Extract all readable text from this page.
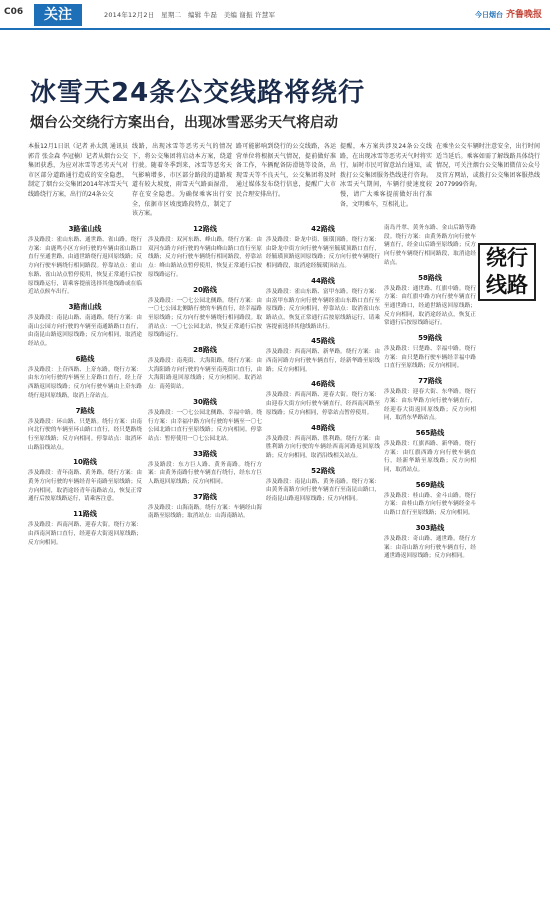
C06	关注	2014年12月2日　星期二　编辑 牛磊　美编 谢振 许慧军	今日烟台 齐鲁晚报
冰雪天24条公交线路将绕行
烟台公交绕行方案出台，出现冰雪恶劣天气将启动
本报12月1日讯（记者 孙太凯 通讯员 郭青 张金森 李冠楠）记者从烟台公交集团获悉，为应对冰雪等恶劣天气对市区部分道路通行造成的安全隐患，制定了烟台公交集团2014年冰雪天气线路绕行方案，出行的24条公交
线路，出现冰雪等恶劣天气的情况下，将公交集团将启动本方案，绕道行驶。随着冬季到来，冰雪等恶劣天气影响增多，市区部分路段的道路坡道有较大坡度，雨雪天气路面湿滑，存在安全隐患。为确保乘客出行安全，依据市区坡度路段特点，制定了该方案。
路可能影响到绕行的公交线路，各运营单位将根据天气情况，提前做好准备工作，车辆配备防滑链等设备，出现雪天等不良天气，公交集团将及时通过媒体发布绕行信息，提醒广大市民合理安排出行。
提醒，本方案共涉及24条公交线路，在出现冰雪等恶劣天气时将实行，届时市民可留意站台通知，或拨打公交集团服务热线进行咨询。冰雪天气期间，车辆行驶速度较慢，请广大乘客提前做好出行准备，文明乘车，互相礼让。
在乘坐公交车辆时注意安全，出行时间适当延后。乘客如需了解线路具体绕行情况，可关注烟台公交集团微信公众号及官方网站，或拨打公交集团客服热线2077999咨询。
绕行
线路
3路雀山线
涉及路段：雀山东路、通世路、雀山路。绕行方案：由鹿鸣小区方向行驶的车辆由雀山路口直行至通世路，由通世路绕行返回原线路；反方向行驶车辆绕行相同路段。停靠站点：雀山东路、雀山站点暂停使用，恢复正常通行后按原线路运行，请乘客提前选择其他线路或在临近站点候车出行。
3路南山线
涉及路段：南昆山路、南通路。绕行方案：由南山公园方向行驶的车辆至南通路路口直行，由南昆山路返回原线路；反方向相同，取消途经站点。
6路线
涉及路段：上夼西路、上夼东路。绕行方案：由东方向行驶的车辆至上夼路口直行，经上夼西路返回原线路；反方向行驶车辆由上夼东路绕行返回原线路，取消上夼站点。
7路线
涉及路段：环山路、只楚路。绕行方案：由南向北行驶的车辆至环山路口直行，经只楚路绕行至原线路；反方向相同。停靠站点：取消环山路沿线站点。
10路线
涉及路段：青年南路、黄务路。绕行方案：由黄务方向行驶的车辆经青年南路至原线路；反方向相同，取消途经青年南路站点，恢复正常通行后按原线路运行，请乘客注意。
11路线
涉及路段：西南河路、迎春大街。绕行方案：由西南河路口直行，经迎春大街返回原线路；反方向相同。
12路线
涉及路段：双河东路、峰山路。绕行方案：由双河东路方向行驶的车辆由峰山路口直行至原线路；反方向行驶车辆绕行相同路段，停靠站点：峰山路站点暂停使用，恢复正常通行后按原线路运行。
20路线
涉及路段：一〇七公园北侧路。绕行方案：由一〇七公园北侧路行驶的车辆直行，经幸福路至原线路；反方向行驶车辆绕行相同路段。取消站点：一〇七公园北站，恢复正常通行后按原线路运行。
28路线
涉及路段：南苑街、大海阳路。绕行方案：由大海阳路方向行驶的车辆至南苑街口直行，由大海阳路返回原线路；反方向相同。取消站点：南苑街站。
30路线
涉及路段：一〇七公园北侧路、幸福中路。绕行方案：由幸福中路方向行驶的车辆至一〇七公园北路口直行至原线路；反方向相同。停靠站点：暂停使用一〇七公园北站。
33路线
涉及路段：东方巨人路、黄务南路。绕行方案：由黄务南路行驶车辆直行绕行，经东方巨人路返回原线路；反方向相同。
37路线
涉及路段：山海南路。绕行方案：车辆经山海南路至原线路；取消站点：山海南路站。
42路线
涉及路段：卧龙中街、毓璜顶路。绕行方案：由卧龙中街方向行驶车辆至毓璜顶路口直行，经毓璜顶路返回原线路；反方向行驶车辆绕行相同路段，取消途经毓璜顶站点。
44路线
涉及路段：雀山东路、富甲东路。绕行方案：由富甲东路方向行驶车辆经雀山东路口直行至原线路；反方向相同，停靠站点：取消雀山东路站点，恢复正常通行后按原线路运行，请乘客提前选择其他线路出行。
45路线
涉及路段：西南河路、新华路。绕行方案：由西南河路方向行驶车辆直行，经新华路至原线路；反方向相同。
46路线
涉及路段：西南河路、迎春大街。绕行方案：由迎春大街方向行驶车辆直行，经西南河路至原线路；反方向相同，停靠站点暂停使用。
48路线
涉及路段：西南河路、胜利路。绕行方案：由胜利路方向行驶的车辆经西南河路返回原线路；反方向相同，取消沿线相关站点。
52路线
涉及路段：南昆山路、黄务南路。绕行方案：由黄务南路方向行驶车辆直行至南昆山路口，经南昆山路返回原线路；反方向相同。
南岛丹翠、黄务东路、金山后路等路段。绕行方案：由黄务路方向行驶车辆直行，经金山后路至原线路；反方向行驶车辆绕行相同路段，取消途经站点。
58路线
涉及路段：通世路、红旗中路。绕行方案：由红旗中路方向行驶车辆直行至通世路口，经通世路返回原线路；反方向相同，取消途经站点，恢复正常通行后按原线路运行。
59路线
涉及路段：只楚路、幸福中路。绕行方案：由只楚路行驶车辆经幸福中路口直行至原线路；反方向相同。
77路线
涉及路段：迎春大街、东华路。绕行方案：由东华路方向行驶车辆直行，经迎春大街返回原线路；反方向相同，取消东华路站点。
565路线
涉及路段：红旗西路、新华路。绕行方案：由红旗西路方向行驶车辆直行，经新华路至原线路；反方向相同，取消站点。
569路线
涉及路段：桂山路、金斗山路。绕行方案：由桂山路方向行驶车辆经金斗山路口直行至原线路；反方向相同。
303路线
涉及路段：奇山路、通世路。绕行方案：由奇山路方向行驶车辆直行，经通世路返回原线路；反方向相同。
